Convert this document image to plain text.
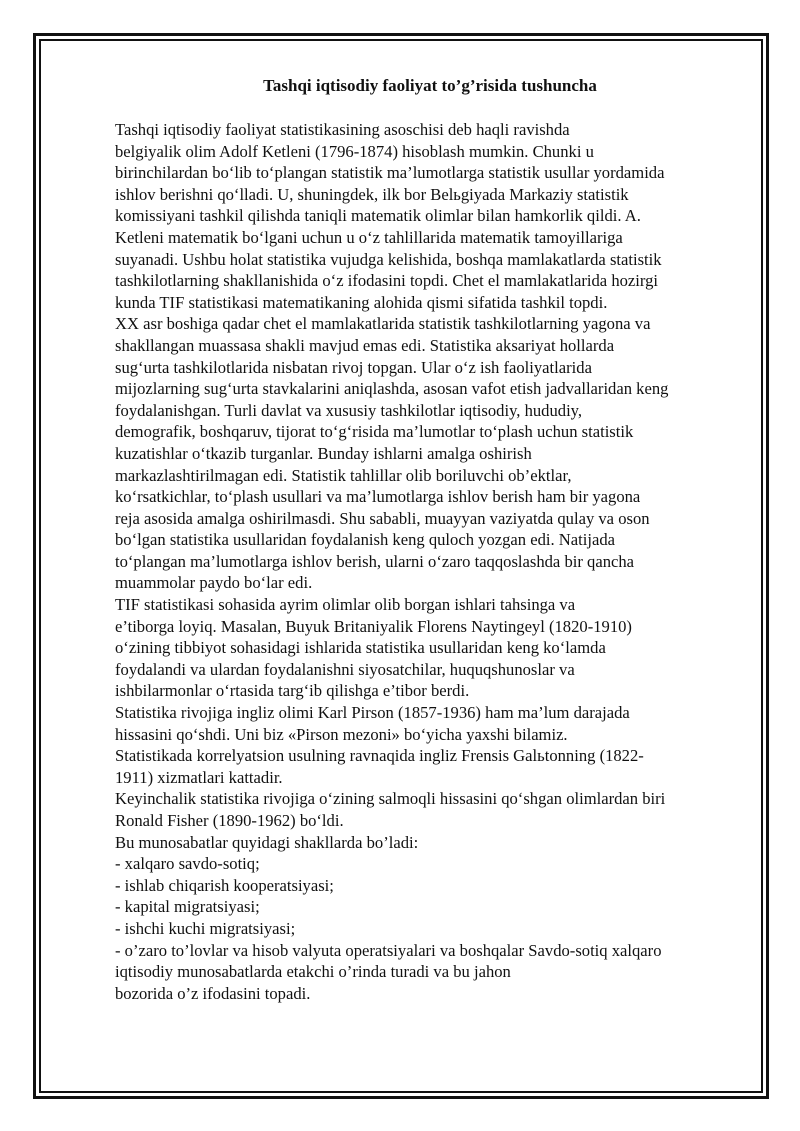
Tashqi iqtisodiy faoliyat to’g’risida tushuncha
Tashqi iqtisodiy faoliyat statistikasining asoschisi deb haqli ravishda
belgiyalik olim Adolf Ketleni (1796-1874) hisoblash mumkin. Chunki u
birinchilardan bo‘lib to‘plangan statistik ma’lumotlarga statistik usullar yordamida
ishlov berishni qo‘lladi. U, shuningdek, ilk bor Belьgiyada Markaziy statistik
komissiyani tashkil qilishda taniqli matematik olimlar bilan hamkorlik qildi. A.
Ketleni matematik bo‘lgani uchun u o‘z tahlillarida matematik tamoyillariga
suyanadi. Ushbu holat statistika vujudga kelishida, boshqa mamlakatlarda statistik
tashkilotlarning shakllanishida o‘z ifodasini topdi. Chet el mamlakatlarida hozirgi
kunda TIF statistikasi matematikaning alohida qismi sifatida tashkil topdi.
XX asr boshiga qadar chet el mamlakatlarida statistik tashkilotlarning yagona va
shakllangan muassasa shakli mavjud emas edi. Statistika aksariyat hollarda
sug‘urta tashkilotlarida nisbatan rivoj topgan. Ular o‘z ish faoliyatlarida
mijozlarning sug‘urta stavkalarini aniqlashda, asosan vafot etish jadvallaridan keng
foydalanishgan. Turli davlat va xususiy tashkilotlar iqtisodiy, hududiy,
demografik, boshqaruv, tijorat to‘g‘risida ma’lumotlar to‘plash uchun statistik
kuzatishlar o‘tkazib turganlar. Bunday ishlarni amalga oshirish
markazlashtirilmagan edi. Statistik tahlillar olib boriluvchi ob’ektlar,
ko‘rsatkichlar, to‘plash usullari va ma’lumotlarga ishlov berish ham bir yagona
reja asosida amalga oshirilmasdi. Shu sababli, muayyan vaziyatda qulay va oson
bo‘lgan statistika usullaridan foydalanish keng quloch yozgan edi. Natijada
to‘plangan ma’lumotlarga ishlov berish, ularni o‘zaro taqqoslashda bir qancha
muammolar paydo bo‘lar edi.
TIF statistikasi sohasida ayrim olimlar olib borgan ishlari tahsinga va
e’tiborga loyiq. Masalan, Buyuk Britaniyalik Florens Naytingeyl (1820-1910)
o‘zining tibbiyot sohasidagi ishlarida statistika usullaridan keng ko‘lamda
foydalandi va ulardan foydalanishni siyosatchilar, huquqshunoslar va
ishbilarmonlar o‘rtasida targ‘ib qilishga e’tibor berdi.
Statistika rivojiga ingliz olimi Karl Pirson (1857-1936) ham ma’lum darajada
hissasini qo‘shdi. Uni biz «Pirson mezoni» bo‘yicha yaxshi bilamiz.
Statistikada korrelyatsion usulning ravnaqida ingliz Frensis Galьtonning (1822-
1911) xizmatlari kattadir.
Keyinchalik statistika rivojiga o‘zining salmoqli hissasini qo‘shgan olimlardan biri
Ronald Fisher (1890-1962) bo‘ldi.
Bu munosabatlar quyidagi shakllarda bo’ladi:
- xalqaro savdo-sotiq;
- ishlab chiqarish kooperatsiyasi;
- kapital migratsiyasi;
- ishchi kuchi migratsiyasi;
- o’zaro to’lovlar va hisob valyuta operatsiyalari va boshqalar Savdo-sotiq xalqaro
iqtisodiy munosabatlarda etakchi o’rinda turadi va bu jahon
bozorida o’z ifodasini topadi.
